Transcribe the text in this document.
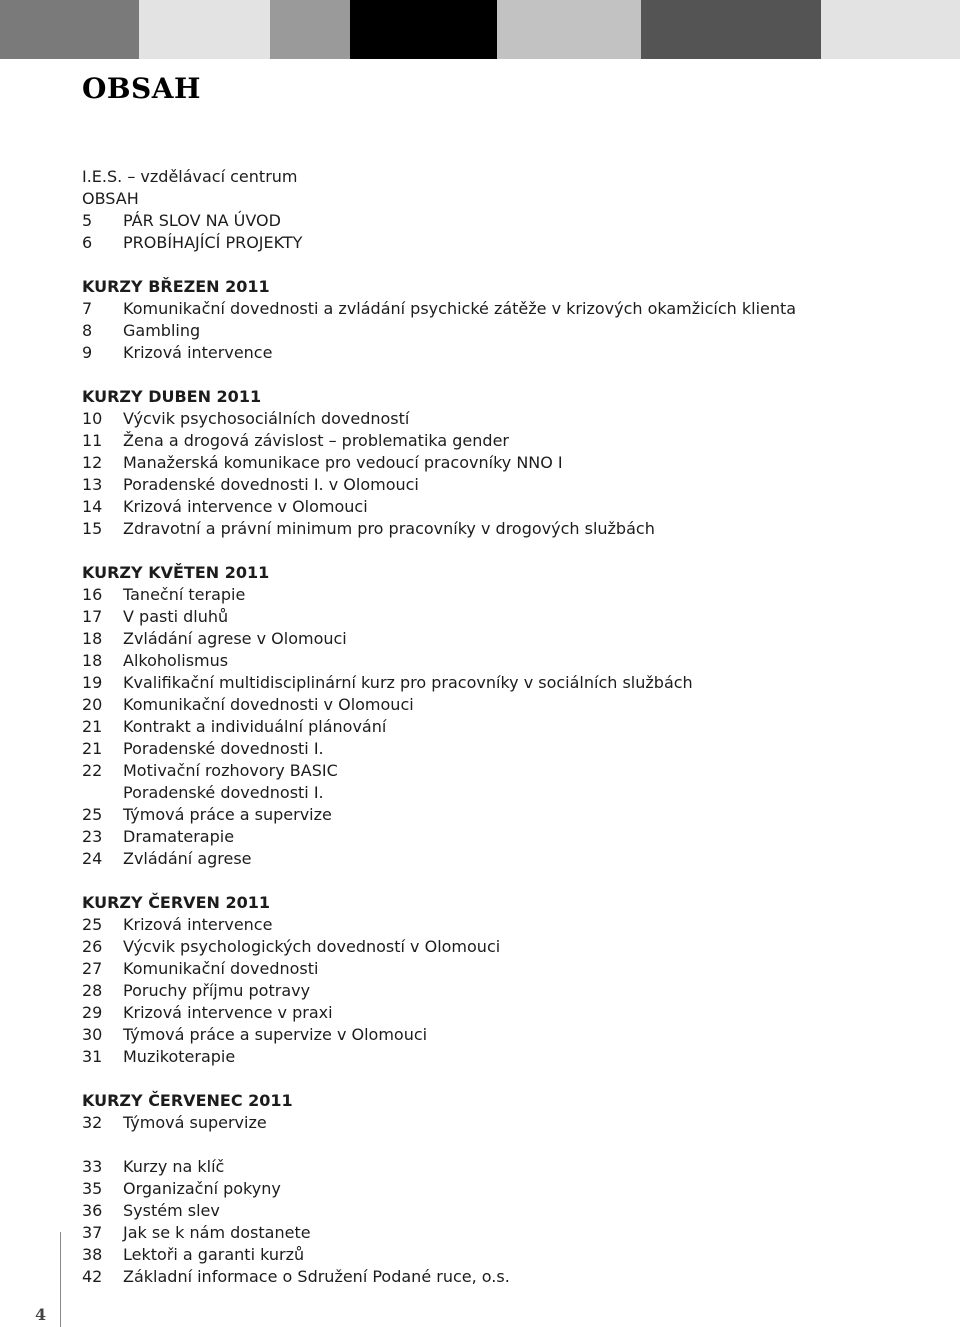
OBSAH
I.E.S. – vzdělávací centrum
OBSAH
5 PÁR SLOV NA ÚVOD
6 PROBÍHAJÍCÍ PROJEKTY
KURZY BŘEZEN 2011
7 Komunikační dovednosti a zvládání psychické zátěže v krizových okamžicích klienta
8 Gambling
9 Krizová intervence
KURZY DUBEN 2011
10 Výcvik psychosociálních dovedností
11 Žena a drogová závislost – problematika gender
12 Manažerská komunikace pro vedoucí pracovníky NNO I
13 Poradenské dovednosti I. v Olomouci
14 Krizová intervence v Olomouci
15 Zdravotní a právní minimum pro pracovníky v drogových službách
KURZY KVĚTEN 2011
16 Taneční terapie
17 V pasti dluhů
18 Zvládání agrese v Olomouci
18 Alkoholismus
19 Kvalifikační multidisciplinární kurz pro pracovníky v sociálních službách
20 Komunikační dovednosti v Olomouci
21 Kontrakt a individuální plánování
21 Poradenské dovednosti I.
22 Motivační rozhovory BASIC
Poradenské dovednosti I.
25 Týmová práce a supervize
23 Dramaterapie
24 Zvládání agrese
KURZY ČERVEN 2011
25 Krizová intervence
26 Výcvik psychologických dovedností v Olomouci
27 Komunikační dovednosti
28 Poruchy příjmu potravy
29 Krizová intervence v praxi
30 Týmová práce a supervize v Olomouci
31 Muzikoterapie
KURZY ČERVENEC 2011
32 Týmová supervize
33 Kurzy na klíč
35 Organizační pokyny
36 Systém slev
37 Jak se k nám dostanete
38 Lektoři a garanti kurzů
42 Základní informace o Sdružení Podané ruce, o.s.
4
